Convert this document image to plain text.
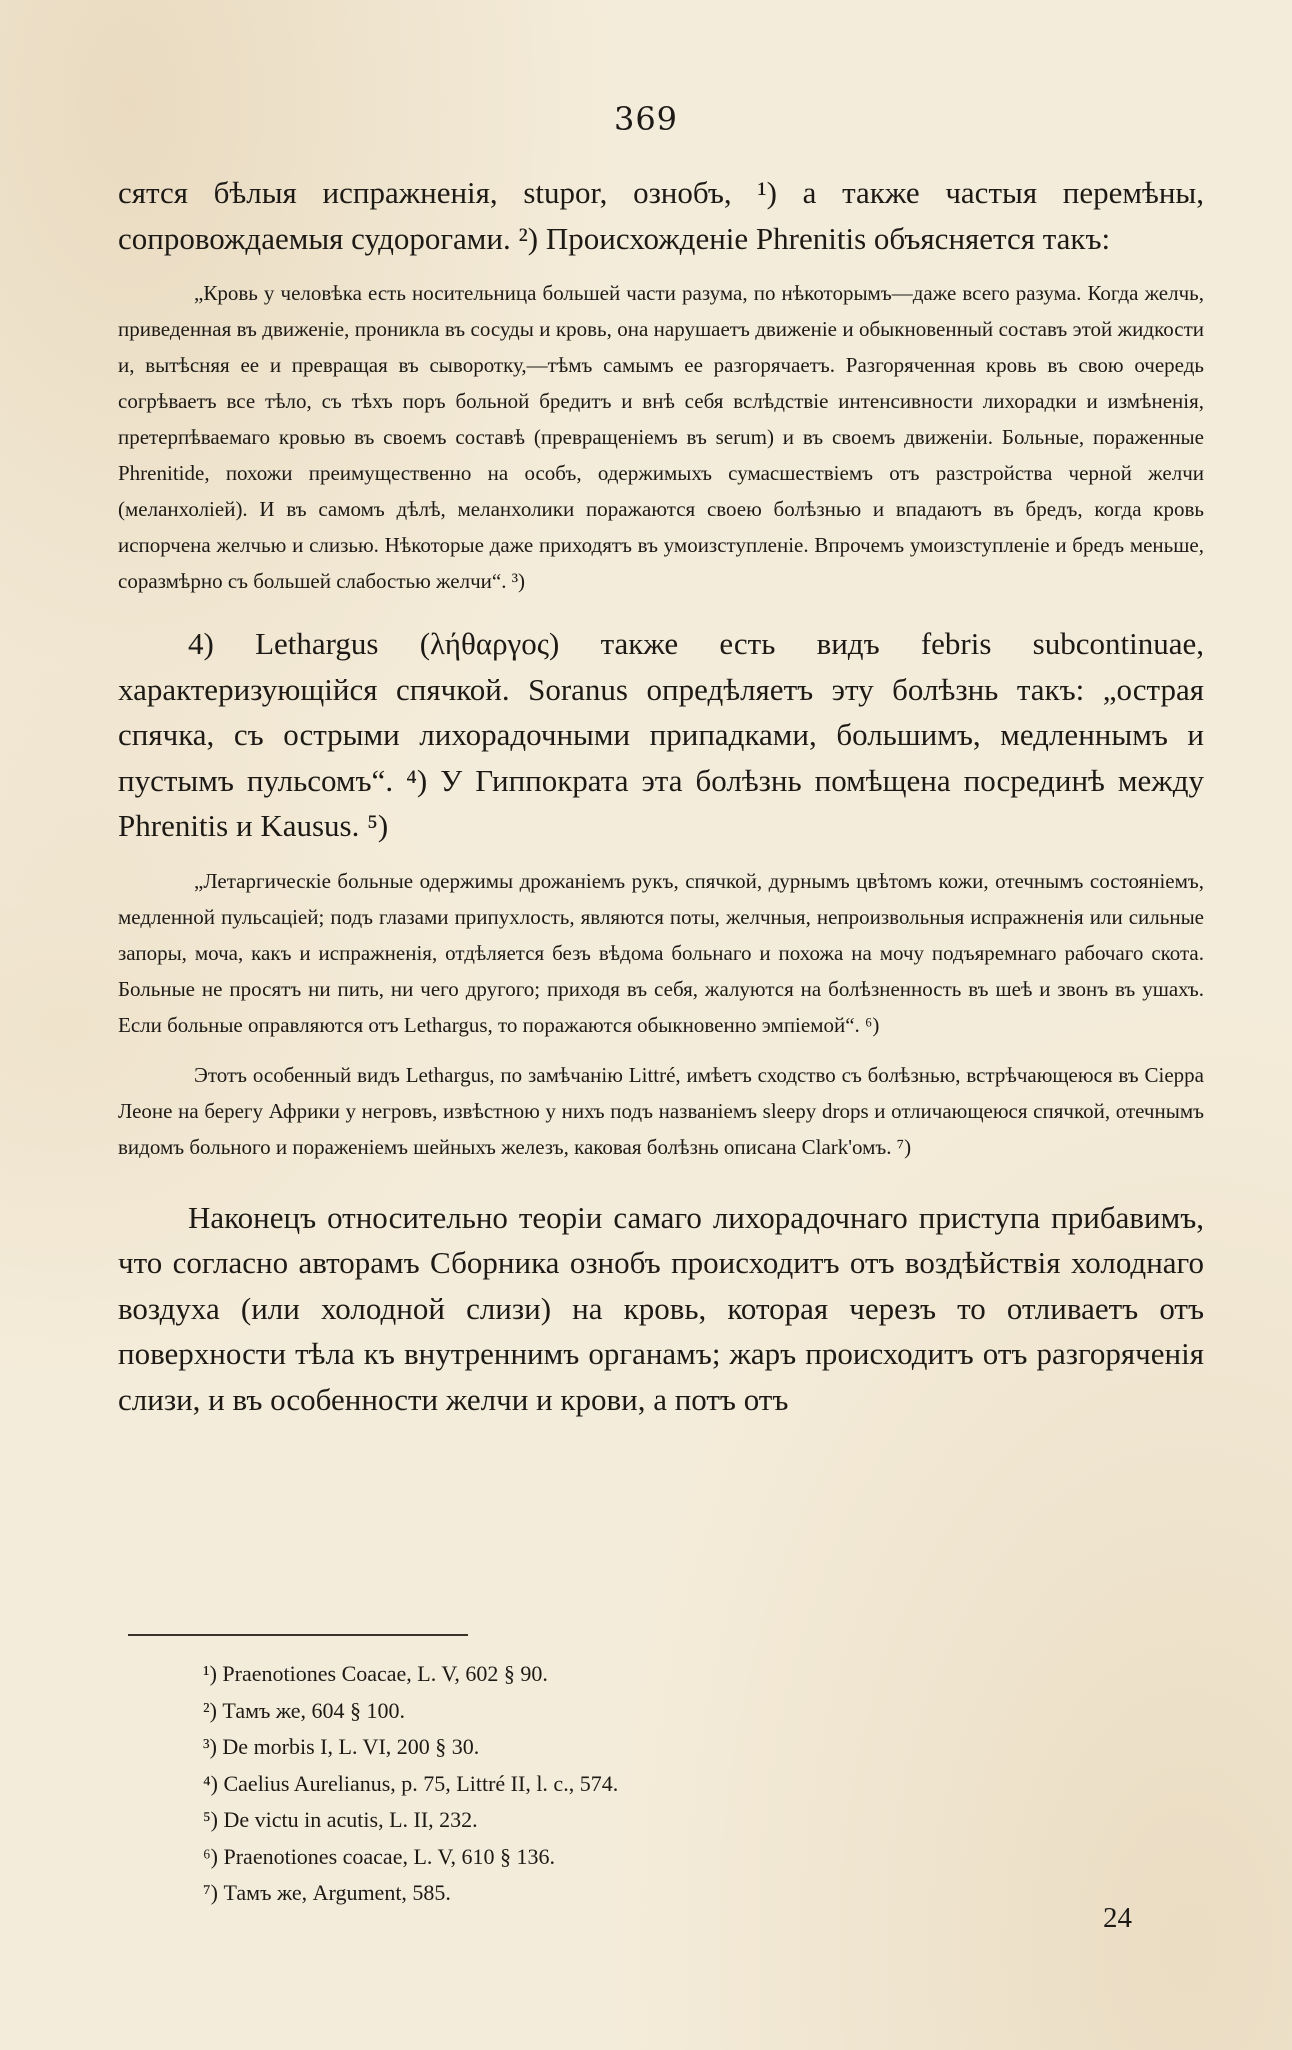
369

сятся бѣлыя испражненія, stupor, ознобъ, ¹) а также частыя перемѣны, сопровождаемыя судорогами. ²) Происхожденіе Phrenitis объясняется такъ:

„Кровь у человѣка есть носительница большей части разума, по нѣкоторымъ—даже всего разума. Когда желчь, приведенная въ движеніе, проникла въ сосуды и кровь, она нарушаетъ движеніе и обыкновенный составъ этой жидкости и, вытѣсняя ее и превращая въ сыворотку,—тѣмъ самымъ ее разгорячаетъ. Разгоряченная кровь въ свою очередь согрѣваетъ все тѣло, съ тѣхъ поръ больной бредитъ и внѣ себя вслѣдствіе интенсивности лихорадки и измѣненія, претерпѣваемаго кровью въ своемъ составѣ (превращеніемъ въ serum) и въ своемъ движеніи. Больные, пораженные Phrenitide, похожи преимущественно на особъ, одержимыхъ сумасшествіемъ отъ разстройства черной желчи (меланхоліей). И въ самомъ дѣлѣ, меланхолики поражаются своею болѣзнью и впадаютъ въ бредъ, когда кровь испорчена желчью и слизью. Нѣкоторые даже приходятъ въ умоизступленіе. Впрочемъ умоизступленіе и бредъ меньше, соразмѣрно съ большей слабостью желчи“. ³)

4) Lethargus (λήθαργος) также есть видъ febris subcontinuae, характеризующійся спячкой. Soranus опредѣляетъ эту болѣзнь такъ: „острая спячка, съ острыми лихорадочными припадками, большимъ, медленнымъ и пустымъ пульсомъ“. ⁴) У Гиппократа эта болѣзнь помѣщена посрединѣ между Phrenitis и Kausus. ⁵)

„Летаргическіе больные одержимы дрожаніемъ рукъ, спячкой, дурнымъ цвѣтомъ кожи, отечнымъ состояніемъ, медленной пульсаціей; подъ глазами припухлость, являются поты, желчныя, непроизвольныя испражненія или сильные запоры, моча, какъ и испражненія, отдѣляется безъ вѣдома больнаго и похожа на мочу подъяремнаго рабочаго скота. Больные не просятъ ни пить, ни чего другого; приходя въ себя, жалуются на болѣзненность въ шеѣ и звонъ въ ушахъ. Если больные оправляются отъ Lethargus, то поражаются обыкновенно эмпіемой“. ⁶)

Этотъ особенный видъ Lethargus, по замѣчанію Littré, имѣетъ сходство съ болѣзнью, встрѣчающеюся въ Сіерра Леоне на берегу Африки у негровъ, извѣстною у нихъ подъ названіемъ sleepy drops и отличающеюся спячкой, отечнымъ видомъ больного и пораженіемъ шейныхъ железъ, каковая болѣзнь описана Clark'омъ. ⁷)

Наконецъ относительно теоріи самаго лихорадочнаго приступа прибавимъ, что согласно авторамъ Сборника ознобъ происходитъ отъ воздѣйствія холоднаго воздуха (или холодной слизи) на кровь, которая черезъ то отливаетъ отъ поверхности тѣла къ внутреннимъ органамъ; жаръ происходитъ отъ разгоряченія слизи, и въ особенности желчи и крови, а потъ отъ

¹) Praenotiones Coacae, L. V, 602 § 90.

²) Тамъ же, 604 § 100.

³) De morbis I, L. VI, 200 § 30.

⁴) Caelius Aurelianus, p. 75, Littré II, l. c., 574.

⁵) De victu in acutis, L. II, 232.

⁶) Praenotiones coacae, L. V, 610 § 136.

⁷) Тамъ же, Argument, 585.

24
